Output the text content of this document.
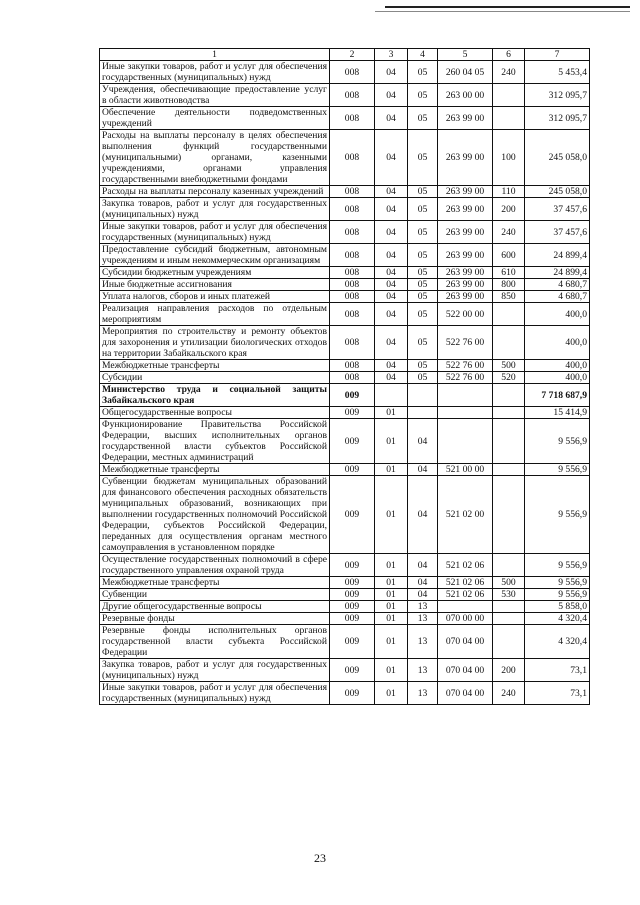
1	2	3	4	5	6	7
Иные закупки товаров, работ и услуг для обеспечения государственных (муниципальных) нужд	008	04	05	260 04 05	240	5 453,4
Учреждения, обеспечивающие предоставление услуг в области животноводства	008	04	05	263 00 00		312 095,7
Обеспечение деятельности подведомственных учреждений	008	04	05	263 99 00		312 095,7
Расходы на выплаты персоналу в целях обеспечения выполнения функций государственными (муниципальными) органами, казенными учреждениями, органами управления государственными внебюджетными фондами	008	04	05	263 99 00	100	245 058,0
Расходы на выплаты персоналу казенных учреждений	008	04	05	263 99 00	110	245 058,0
Закупка товаров, работ и услуг для государственных (муниципальных) нужд	008	04	05	263 99 00	200	37 457,6
Иные закупки товаров, работ и услуг для обеспечения государственных (муниципальных) нужд	008	04	05	263 99 00	240	37 457,6
Предоставление субсидий бюджетным, автономным учреждениям и иным некоммерческим организациям	008	04	05	263 99 00	600	24 899,4
Субсидии бюджетным учреждениям	008	04	05	263 99 00	610	24 899,4
Иные бюджетные ассигнования	008	04	05	263 99 00	800	4 680,7
Уплата налогов, сборов и иных платежей	008	04	05	263 99 00	850	4 680,7
Реализация направления расходов по отдельным мероприятиям	008	04	05	522 00 00		400,0
Мероприятия по строительству и ремонту объектов для захоронения и утилизации биологических отходов на территории Забайкальского края	008	04	05	522 76 00		400,0
Межбюджетные трансферты	008	04	05	522 76 00	500	400,0
Субсидии	008	04	05	522 76 00	520	400,0
Министерство труда и социальной защиты Забайкальского края	009					7 718 687,9
Общегосударственные вопросы	009	01				15 414,9
Функционирование Правительства Российской Федерации, высших исполнительных органов государственной власти субъектов Российской Федерации, местных администраций	009	01	04			9 556,9
Межбюджетные трансферты	009	01	04	521 00 00		9 556,9
Субвенции бюджетам муниципальных образований для финансового обеспечения расходных обязательств муниципальных образований, возникающих при выполнении государственных полномочий Российской Федерации, субъектов Российской Федерации, переданных для осуществления органам местного самоуправления в установленном порядке	009	01	04	521 02 00		9 556,9
Осуществление государственных полномочий в сфере государственного управления охраной труда	009	01	04	521 02 06		9 556,9
Межбюджетные трансферты	009	01	04	521 02 06	500	9 556,9
Субвенции	009	01	04	521 02 06	530	9 556,9
Другие общегосударственные вопросы	009	01	13			5 858,0
Резервные фонды	009	01	13	070 00 00		4 320,4
Резервные фонды исполнительных органов государственной власти субъекта Российской Федерации	009	01	13	070 04 00		4 320,4
Закупка товаров, работ и услуг для государственных (муниципальных) нужд	009	01	13	070 04 00	200	73,1
Иные закупки товаров, работ и услуг для обеспечения государственных (муниципальных) нужд	009	01	13	070 04 00	240	73,1
23
